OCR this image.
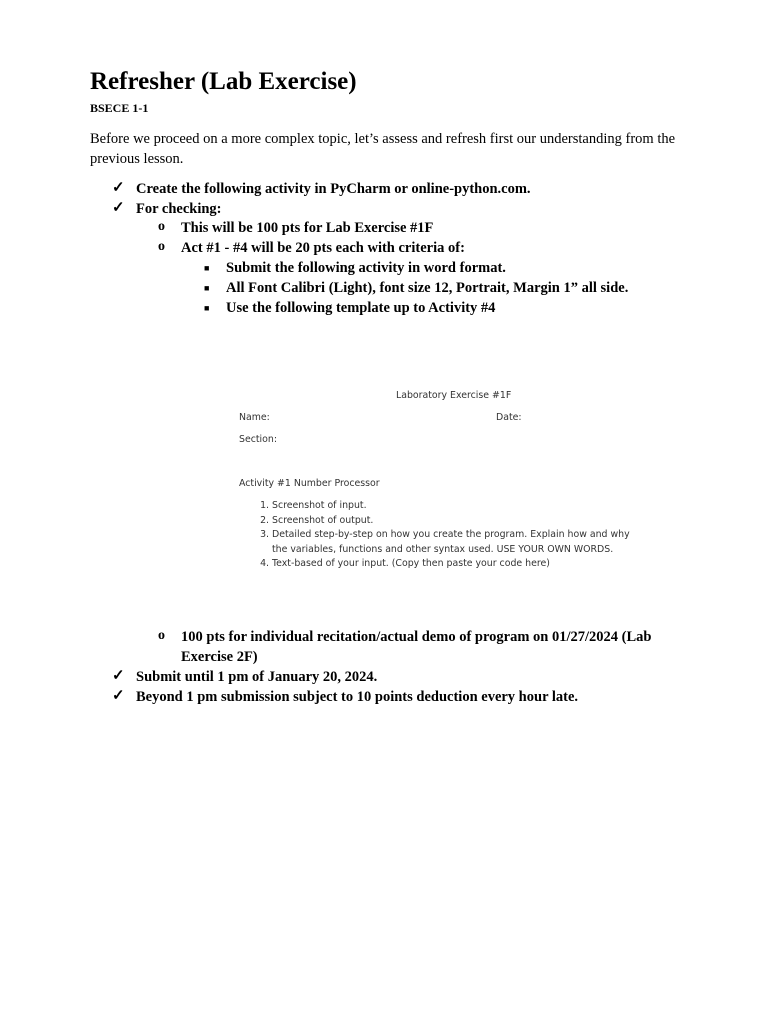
Refresher (Lab Exercise)
BSECE 1-1
Before we proceed on a more complex topic, let’s assess and refresh first our understanding from the previous lesson.
✓ Create the following activity in PyCharm or online-python.com.
✓ For checking:
o This will be 100 pts for Lab Exercise #1F
o Act #1 - #4 will be 20 pts each with criteria of:
■ Submit the following activity in word format.
■ All Font Calibri (Light), font size 12, Portrait, Margin 1” all side.
■ Use the following template up to Activity #4
Laboratory Exercise #1F
Name:	Date:
Section:
Activity #1 Number Processor
1. Screenshot of input.
2. Screenshot of output.
3. Detailed step-by-step on how you create the program. Explain how and why the variables, functions and other syntax used. USE YOUR OWN WORDS.
4. Text-based of your input. (Copy then paste your code here)
o 100 pts for individual recitation/actual demo of program on 01/27/2024 (Lab Exercise 2F)
✓ Submit until 1 pm of January 20, 2024.
✓ Beyond 1 pm submission subject to 10 points deduction every hour late.
